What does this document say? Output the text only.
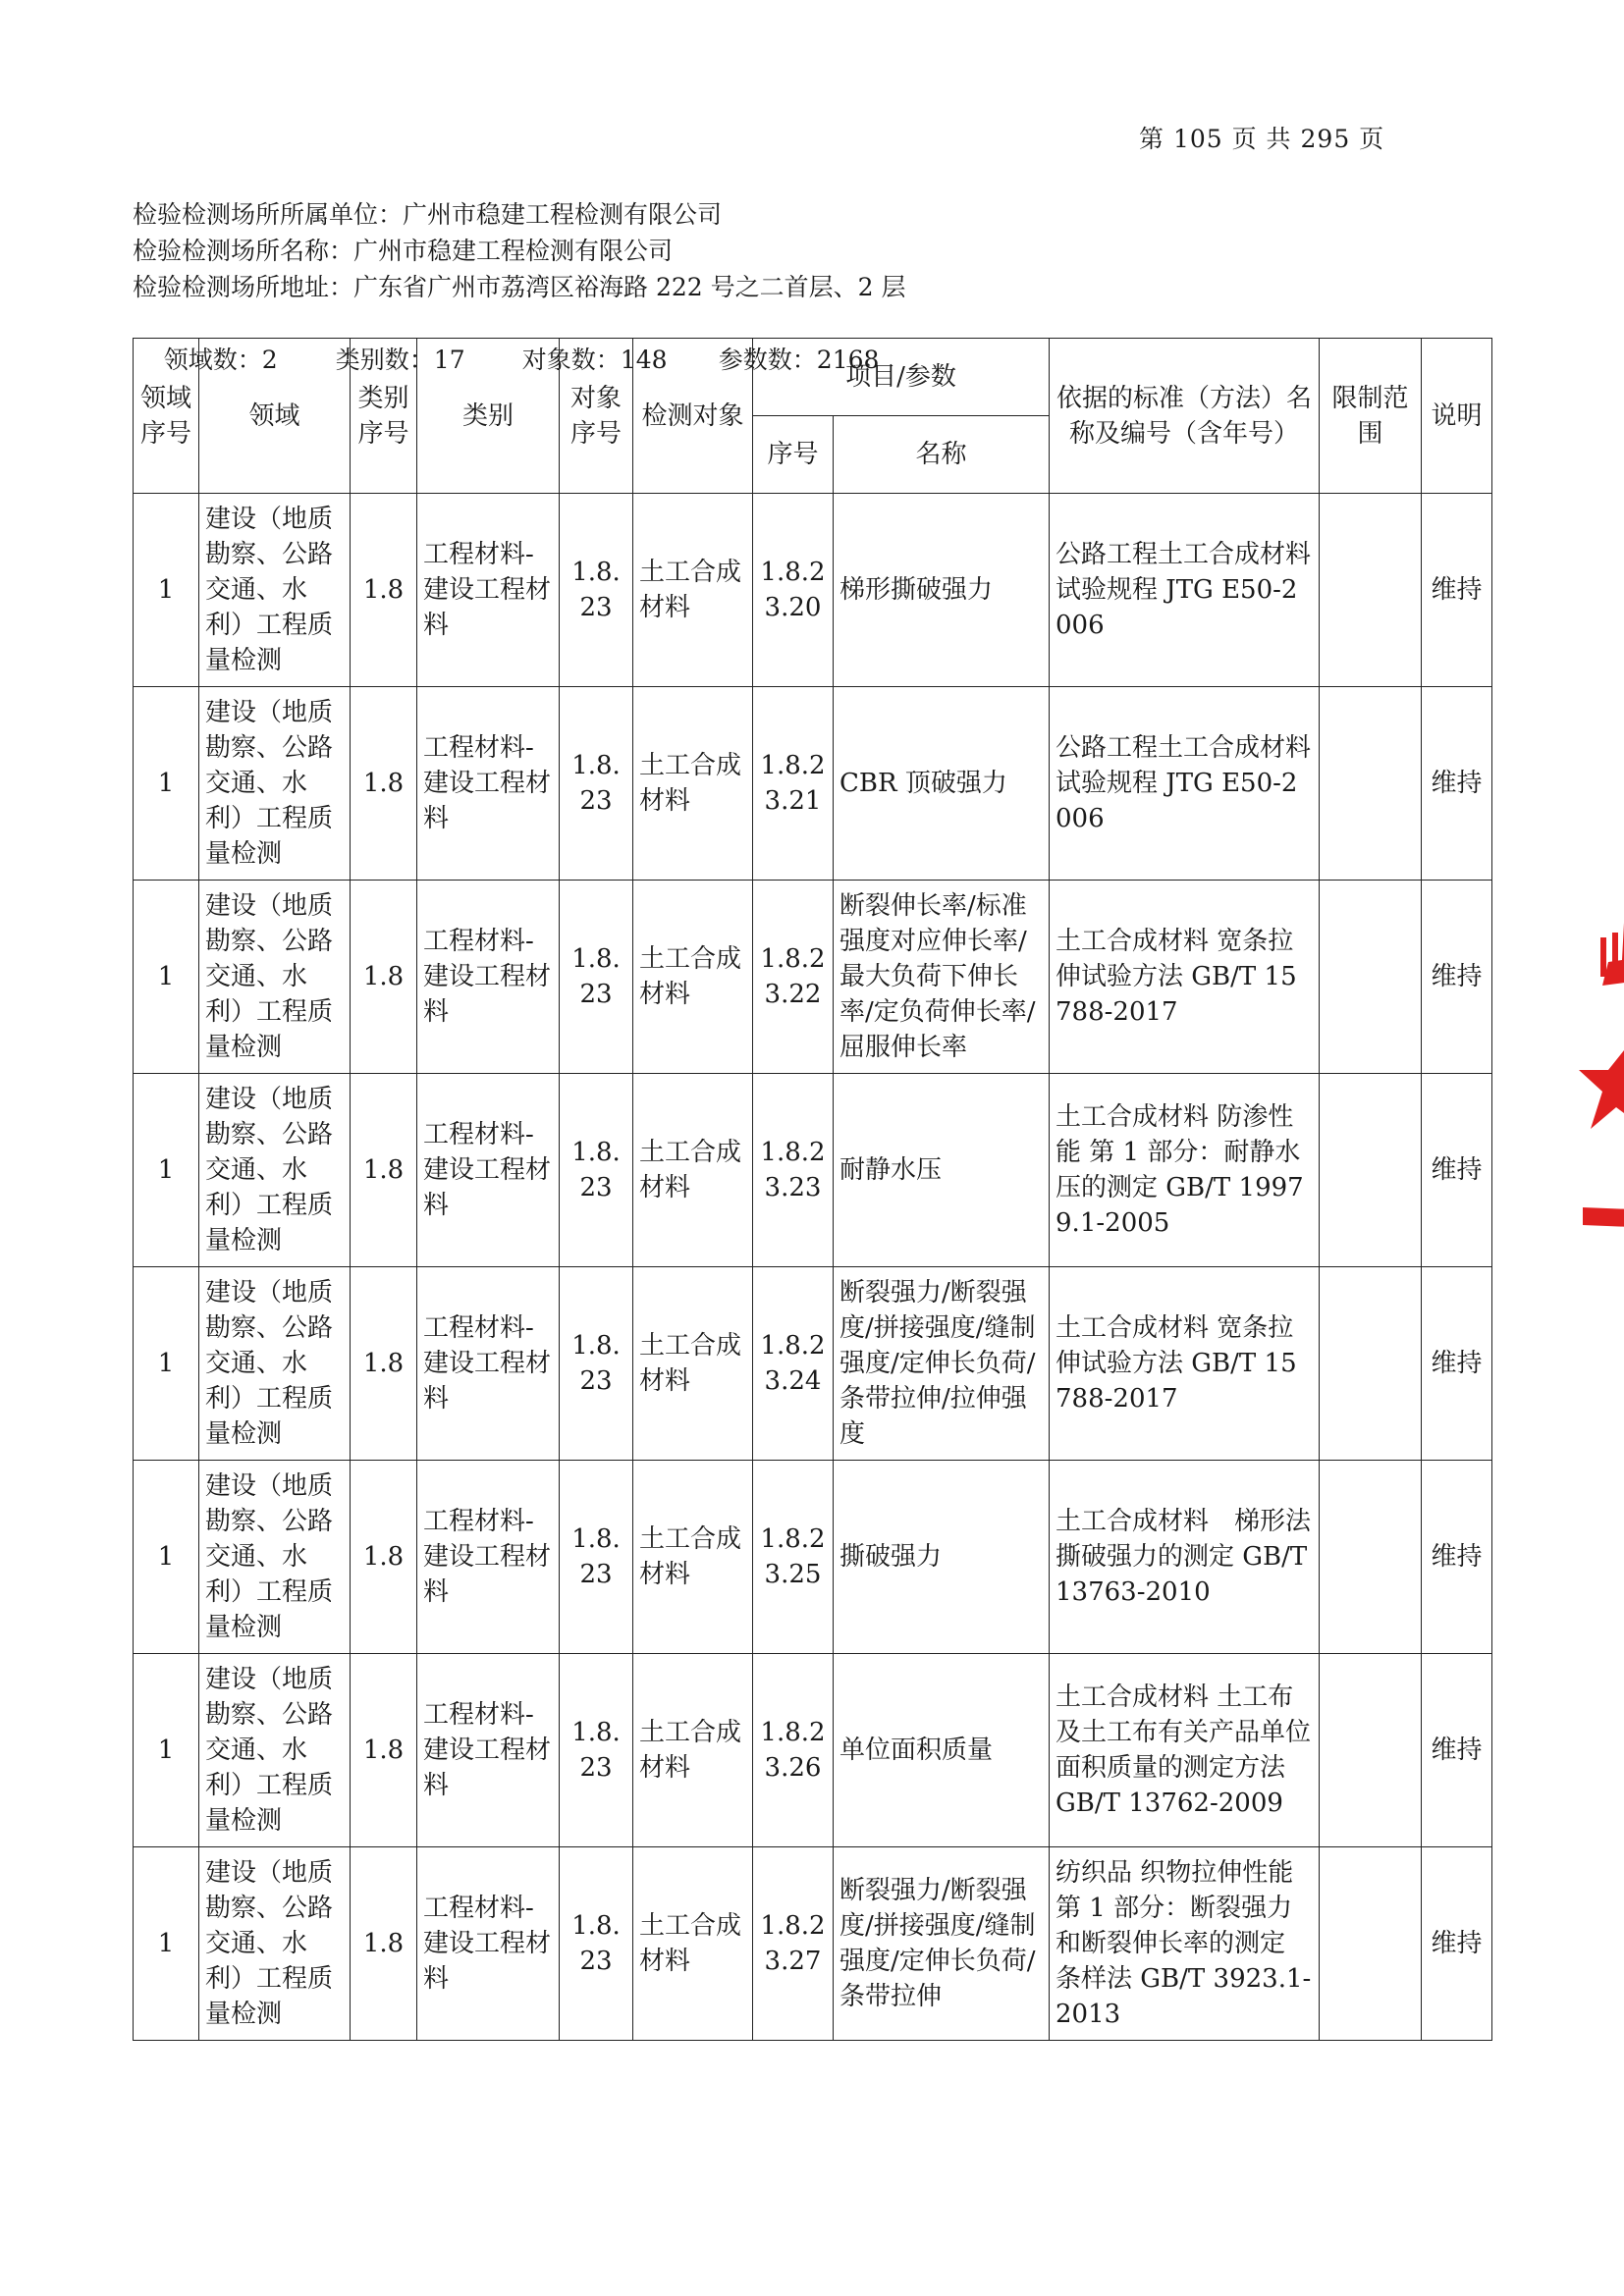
第 105 页 共 295 页
检验检测场所所属单位：广州市稳建工程检测有限公司
检验检测场所名称：广州市稳建工程检测有限公司
检验检测场所地址：广东省广州市荔湾区裕海路 222 号之二首层、2 层

领域数：2 类别数：17 对象数：148 参数数：2168

领域序号	领域	类别序号	类别	对象序号	检测对象	项目/参数		依据的标准（方法）名称及编号（含年号）	限制范围	说明
						序号	名称			
1	建设（地质勘察、公路交通、水利）工程质量检测	1.8	工程材料-建设工程材料	1.8.23	土工合成材料	1.8.23.20	梯形撕破强力	公路工程土工合成材料试验规程 JTG E50-2006		维持
1	建设（地质勘察、公路交通、水利）工程质量检测	1.8	工程材料-建设工程材料	1.8.23	土工合成材料	1.8.23.21	CBR 顶破强力	公路工程土工合成材料试验规程 JTG E50-2006		维持
1	建设（地质勘察、公路交通、水利）工程质量检测	1.8	工程材料-建设工程材料	1.8.23	土工合成材料	1.8.23.22	断裂伸长率/标准强度对应伸长率/最大负荷下伸长率/定负荷伸长率/屈服伸长率	土工合成材料 宽条拉伸试验方法 GB/T 15788-2017		维持
1	建设（地质勘察、公路交通、水利）工程质量检测	1.8	工程材料-建设工程材料	1.8.23	土工合成材料	1.8.23.23	耐静水压	土工合成材料 防渗性能 第 1 部分：耐静水压的测定 GB/T 19979.1-2005		维持
1	建设（地质勘察、公路交通、水利）工程质量检测	1.8	工程材料-建设工程材料	1.8.23	土工合成材料	1.8.23.24	断裂强力/断裂强度/拼接强度/缝制强度/定伸长负荷/条带拉伸/拉伸强度	土工合成材料 宽条拉伸试验方法 GB/T 15788-2017		维持
1	建设（地质勘察、公路交通、水利）工程质量检测	1.8	工程材料-建设工程材料	1.8.23	土工合成材料	1.8.23.25	撕破强力	土工合成材料　梯形法撕破强力的测定 GB/T 13763-2010		维持
1	建设（地质勘察、公路交通、水利）工程质量检测	1.8	工程材料-建设工程材料	1.8.23	土工合成材料	1.8.23.26	单位面积质量	土工合成材料 土工布及土工布有关产品单位面积质量的测定方法 GB/T 13762-2009		维持
1	建设（地质勘察、公路交通、水利）工程质量检测	1.8	工程材料-建设工程材料	1.8.23	土工合成材料	1.8.23.27	断裂强力/断裂强度/拼接强度/缝制强度/定伸长负荷/条带拉伸	纺织品 织物拉伸性能 第 1 部分：断裂强力和断裂伸长率的测定 条样法 GB/T 3923.1-2013		维持
